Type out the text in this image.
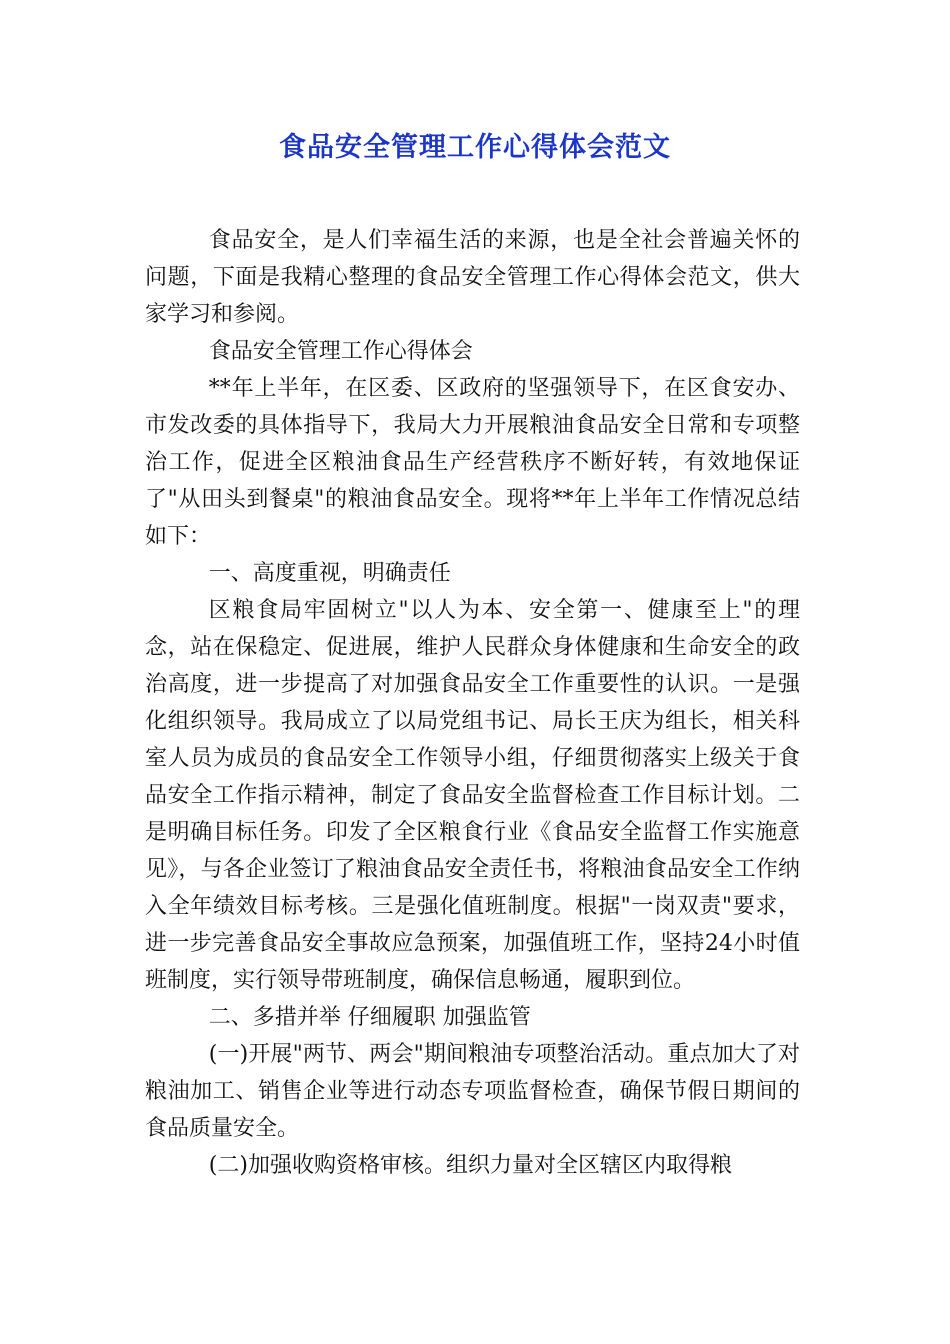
食品安全管理工作心得体会范文

食品安全，是人们幸福生活的来源，也是全社会普遍关怀的问题，下面是我精心整理的食品安全管理工作心得体会范文，供大家学习和参阅。

食品安全管理工作心得体会

**年上半年，在区委、区政府的坚强领导下，在区食安办、市发改委的具体指导下，我局大力开展粮油食品安全日常和专项整治工作，促进全区粮油食品生产经营秩序不断好转，有效地保证了"从田头到餐桌"的粮油食品安全。现将**年上半年工作情况总结如下：

一、高度重视，明确责任

区粮食局牢固树立"以人为本、安全第一、健康至上"的理念，站在保稳定、促进展，维护人民群众身体健康和生命安全的政治高度，进一步提高了对加强食品安全工作重要性的认识。一是强化组织领导。我局成立了以局党组书记、局长王庆为组长，相关科室人员为成员的食品安全工作领导小组，仔细贯彻落实上级关于食品安全工作指示精神，制定了食品安全监督检查工作目标计划。二是明确目标任务。印发了全区粮食行业《食品安全监督工作实施意见》，与各企业签订了粮油食品安全责任书，将粮油食品安全工作纳入全年绩效目标考核。三是强化值班制度。根据"一岗双责"要求，进一步完善食品安全事故应急预案，加强值班工作，坚持24小时值班制度，实行领导带班制度，确保信息畅通，履职到位。

二、多措并举 仔细履职 加强监管

(一)开展"两节、两会"期间粮油专项整治活动。重点加大了对粮油加工、销售企业等进行动态专项监督检查，确保节假日期间的食品质量安全。

(二)加强收购资格审核。组织力量对全区辖区内取得粮
